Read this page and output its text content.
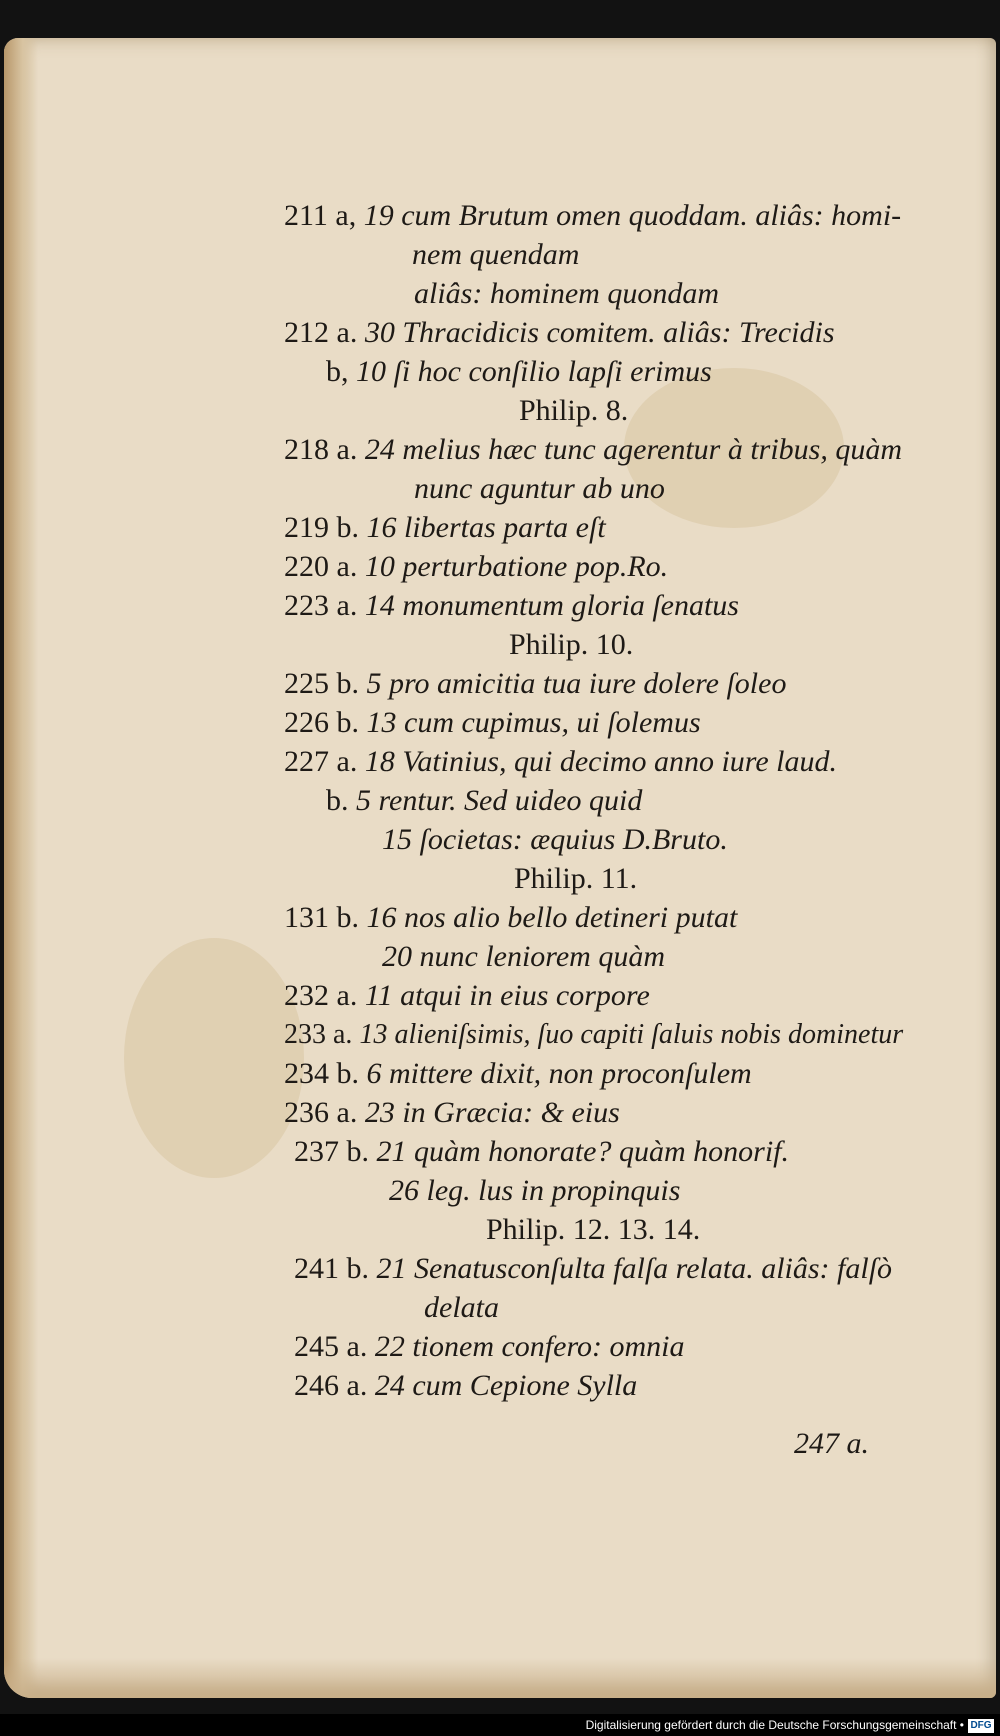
211 a, 19 cum Brutum omen quoddam. aliâs: homi-
nem quendam
aliâs: hominem quondam
212 a. 30 Thracidicis comitem. aliâs: Trecidis
b, 10 ſi hoc conſilio lapſi erimus
Philip. 8.
218 a. 24 melius hæc tunc agerentur à tribus, quàm
nunc aguntur ab uno
219 b. 16 libertas parta eſt
220 a. 10 perturbatione pop.Ro.
223 a. 14 monumentum gloria ſenatus
Philip. 10.
225 b. 5 pro amicitia tua iure dolere ſoleo
226 b. 13 cum cupimus, ui ſolemus
227 a. 18 Vatinius, qui decimo anno iure laud.
b. 5 rentur. Sed uideo quid
15 ſocietas: æquius D.Bruto.
Philip. 11.
131 b. 16 nos alio bello detineri putat
20 nunc leniorem quàm
232 a. 11 atqui in eius corpore
233 a. 13 alieniſsimis, ſuo capiti ſaluis nobis dominetur
234 b. 6 mittere dixit, non proconſulem
236 a. 23 in Græcia: & eius
237 b. 21 quàm honorate? quàm honorif.
26 leg. lus in propinquis
Philip. 12. 13. 14.
241 b. 21 Senatusconſulta falſa relata. aliâs: falſò
delata
245 a. 22 tionem confero: omnia
246 a. 24 cum Cepione Sylla
247 a.
Digitalisierung gefördert durch die Deutsche Forschungsgemeinschaft • DFG
